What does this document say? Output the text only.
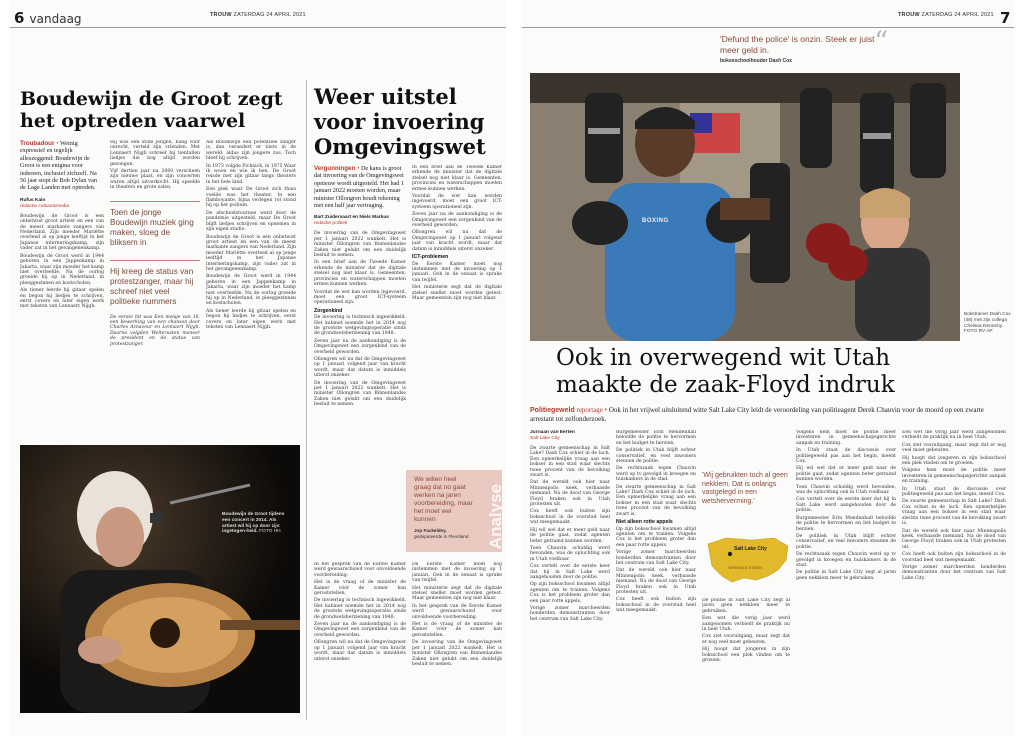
6 vandaag	TROUW ZATERDAG 24 APRIL 2021
Boudewijn de Groot zegt het optreden vaarwel
Troubadour • Weinig expressief en tegelijk alleszeggend: Boudewijn de Groot is een enigma voor iedereen, inclusief zichzelf. Na 56 jaar stopt de Bob Dylan van de Lage Landen met optreden.
Rufus Kain
redactie cultuur&media
Boudewijn de Groot is een onbetwist groot artiest en een van de meest markante zangers van Nederland. Zijn moeder Mariëtte overleed al op jonge leeftijd in het Japanse interneringskamp, zijn vader zat in het gevangenenkamp.
Boudewijn de Groot werd in 1944 geboren in een Jappenkamp in Jakarta, waar zijn moeder het kamp niet overleefde. Na de oorlog groeide hij op in Nederland, in pleeggezinnen en kostscholen.
Als tiener leerde hij gitaar spelen en begon hij liedjes te schrijven, eerst covers en later eigen werk met teksten van Lennaert Nijgh.
Hij was een stille jongen, bang voor onrecht, verteld zijn vrienden. Met Lennaert Nijgh schreef hij tientallen liedjes die nog altijd worden gezongen.
Vijf dertien jaar na 2000 verscheen zijn nieuwe plaat, en zijn concerten waren altijd uitverkocht. Hij speelde in theaters en grote zalen.
Toen de jonge Boudewijn muziek ging maken, sloeg de bliksem in
Hij kreeg de status van protestzanger, maar hij schreef niet veel politieke nummers
De eerste hit was Een meisje van 16, een bewerking van een chanson door Charles Aznavour en Lennaert Nijgh. Daarna volgden Welterusten meneer de president en de status van protestzanger.
Als Boudewijn een potentiële zanger is, dan verandert er niets in de wereld, aldus zijn jongere zus. Toch bleef hij schrijven.
In 1973 volgde Picknick, in 1975 Waar ik woon en wie ik ben. De Groot reisde met zijn gitaar langs theaters in het hele land.
Een plek waar De Groot zich thuis voelde was het theater. In een flamboyante, bijna verlegen rol stond hij op het podium.
De afscheidstournee werd door de pandemie uitgesteld, maar De Groot blijft liedjes schrijven en opnemen in zijn eigen studio.
Boudewijn de Groot is een onbetwist groot artiest en een van de meest markante zangers van Nederland. Zijn moeder Mariëtte overleed al op jonge leeftijd in het Japanse interneringskamp, zijn vader zat in het gevangenenkamp.
Boudewijn de Groot werd in 1944 geboren in een Jappenkamp in Jakarta, waar zijn moeder het kamp niet overleefde. Na de oorlog groeide hij op in Nederland, in pleeggezinnen en kostscholen.
Als tiener leerde hij gitaar spelen en begon hij liedjes te schrijven, eerst covers en later eigen werk met teksten van Lennaert Nijgh.
Boudewijn de Groot tijdens een concert in 2014. Als artiest wil hij op door zijn ingetogen-heid. FOTO HH
Weer uitstel voor invoering Omgevingswet
Vergunningen • De kans is groot dat invoering van de Omgevingswet opnieuw wordt uitgesteld. Het had 1 januari 2022 moeten worden, maar minister Ollongren houdt rekening met een half jaar vertraging.
Bart Zuidervaart en Niels Markus
redactie politiek
De invoering van de Omgevingswet per 1 januari 2022 wankelt. Het is minister Ollongren van Binnenlandse Zaken niet gelukt om een duidelijk besluit te nemen.
In een brief aan de Tweede Kamer erkende de minister dat de digitale stelsel nog niet klaar is. Gemeenten, provincies en waterschappen moeten ermee kunnen werken.
Voordat de wet kan worden ingevoerd, moet een groot ICT-systeem operationeel zijn.
Zorgenkind
De invoering is technisch ingewikkeld. Het kabinet noemde het in 2014 nog de grootste wetgevingsoperatie sinds de grondwetsherziening van 1848.
Zeven jaar na de aankondiging is de Omgevingswet een zorgenkind van de overheid geworden.
Ollongren wil nu dat de Omgevingswet op 1 januari volgend jaar van kracht wordt, maar dat datum is inmiddels uiterst onzeker.
De invoering van de Omgevingswet per 1 januari 2022 wankelt. Het is minister Ollongren van Binnenlandse Zaken niet gelukt om een duidelijk besluit te nemen.
In een brief aan de Tweede Kamer erkende de minister dat de digitale stelsel nog niet klaar is. Gemeenten, provincies en waterschappen moeten ermee kunnen werken.
Voordat de wet kan worden ingevoerd, moet een groot ICT-systeem operationeel zijn.
Zeven jaar na de aankondiging is de Omgevingswet een zorgenkind van de overheid geworden.
Ollongren wil nu dat de Omgevingswet op 1 januari volgend jaar van kracht wordt, maar dat datum is inmiddels uiterst onzeker.
ICT-problemen
De Eerste Kamer moet nog instemmen met de invoering op 1 januari. Ook in de senaat is sprake van twijfel.
Het ministerie zegt dat de digitale stelsel sneller moet worden getest. Maar gemeenten zijn nog niet klaar.
We willen heel graag dat no gaat werken na jaren voorbereiding, maar het moet wel kunnen
Jop Fackeldey,
gedeputeerde in Flevoland	Analyse
In het gesprek van de Eerste Kamer werd gewaarschuwd voor onvoldoende voorbereiding.
Het is de vraag of de minister de Kamer vóór de zomer kan geruststellen.
De invoering is technisch ingewikkeld. Het kabinet noemde het in 2014 nog de grootste wetgevingsoperatie sinds de grondwetsherziening van 1848.
Zeven jaar na de aankondiging is de Omgevingswet een zorgenkind van de overheid geworden.
Ollongren wil nu dat de Omgevingswet op 1 januari volgend jaar van kracht wordt, maar dat datum is inmiddels uiterst onzeker.
De Eerste Kamer moet nog instemmen met de invoering op 1 januari. Ook in de senaat is sprake van twijfel.
Het ministerie zegt dat de digitale stelsel sneller moet worden getest. Maar gemeenten zijn nog niet klaar.
In het gesprek van de Eerste Kamer werd gewaarschuwd voor onvoldoende voorbereiding.
Het is de vraag of de minister de Kamer vóór de zomer kan geruststellen.
De invoering van de Omgevingswet per 1 januari 2022 wankelt. Het is minister Ollongren van Binnenlandse Zaken niet gelukt om een duidelijk besluit te nemen.
TROUW ZATERDAG 24 APRIL 2021 7
'Defund the police' is onzin. Steek er juist meer geld in.
bokseschoolhouder Dash Cox
“
BOXING
Bokstrainer Dash Cox (48) met zijn collega Chelsea Dennehy. FOTO RV AP
Ook in overwegend wit Utah maakte de zaak-Floyd indruk
Politiegeweld reportage • Ook in het vrijwel uitsluitend witte Salt Lake City leidt de veroordeling van politieagent Derek Chauvin voor de moord op een zwarte arrestant tot zelfonderzoek.
Jurriaan van Eerten
Salt Lake City
De zwarte gemeenschap in Salt Lake? Dash Cox schiet in de lach. Een opmerkelijke vraag aan een bokser in een stad waar slechts twee procent van de bevolking zwart is.
Dat de wereld ook hier naar Minneapolis keek, verbaasde niemand. Na de dood van George Floyd braken ook in Utah protesten uit.
Cox heeft ook buiten zijn boksschool in de voorstad heel wat meegemaakt.
Hij wil wel dat er meer geld naar de politie gaat, zodat agenten beter getraind kunnen worden.
Toen Chauvin schuldig werd bevonden, was de opluchting ook in Utah voelbaar.
Cox vertelt over de eerste keer dat hij in Salt Lake werd aangehouden door de politie.
Op zijn boksschool kwamen altijd agenten om te trainen. Volgens Cox is het probleem groter dan een paar rotte appels.
Vorige zomer marcheerden honderden demonstranten door het centrum van Salt Lake City.
Burgemeester Erin Mendenhall beloofde de politie te hervormen en het budget te herzien.
De politiek in Utah blijft echter conservatief, en veel inwoners steunen de politie.
De rechtszaak tegen Chauvin werd op tv gevolgd in kroegen en huiskamers in de stad.
De zwarte gemeenschap in Salt Lake? Dash Cox schiet in de lach. Een opmerkelijke vraag aan een bokser in een stad waar slechts twee procent van de bevolking zwart is.
Niet alleen rotte appels
Op zijn boksschool kwamen altijd agenten om te trainen. Volgens Cox is het probleem groter dan een paar rotte appels.
Vorige zomer marcheerden honderden demonstranten door het centrum van Salt Lake City.
Dat de wereld ook hier naar Minneapolis keek, verbaasde niemand. Na de dood van George Floyd braken ook in Utah protesten uit.
Cox heeft ook buiten zijn boksschool in de voorstad heel wat meegemaakt.
'Wij gebruikten toch al geen nekklem. Dat is onlangs vastgelegd in een wetsherverming.'
Salt Lake City
VERENIGDE STATEN
De politie in Salt Lake City zegt al jaren geen nekklem meer te gebruiken.
Een wet die vorig jaar werd aangenomen verbiedt de praktijk nu in heel Utah.
Cox ziet vooruitgang, maar zegt dat er nog veel moet gebeuren.
Hij hoopt dat jongeren in zijn boksschool een plek vinden om te groeien.
Volgens hem moet de politie meer investeren in gemeenschapsgerichte aanpak en training.
In Utah staat de discussie over politiegeweld pas aan het begin, meent Cox.
Hij wil wel dat er meer geld naar de politie gaat, zodat agenten beter getraind kunnen worden.
Toen Chauvin schuldig werd bevonden, was de opluchting ook in Utah voelbaar.
Cox vertelt over de eerste keer dat hij in Salt Lake werd aangehouden door de politie.
Burgemeester Erin Mendenhall beloofde de politie te hervormen en het budget te herzien.
De politiek in Utah blijft echter conservatief, en veel inwoners steunen de politie.
De rechtszaak tegen Chauvin werd op tv gevolgd in kroegen en huiskamers in de stad.
De politie in Salt Lake City zegt al jaren geen nekklem meer te gebruiken.
Een wet die vorig jaar werd aangenomen verbiedt de praktijk nu in heel Utah.
Cox ziet vooruitgang, maar zegt dat er nog veel moet gebeuren.
Hij hoopt dat jongeren in zijn boksschool een plek vinden om te groeien.
Volgens hem moet de politie meer investeren in gemeenschapsgerichte aanpak en training.
In Utah staat de discussie over politiegeweld pas aan het begin, meent Cox.
De zwarte gemeenschap in Salt Lake? Dash Cox schiet in de lach. Een opmerkelijke vraag aan een bokser in een stad waar slechts twee procent van de bevolking zwart is.
Dat de wereld ook hier naar Minneapolis keek, verbaasde niemand. Na de dood van George Floyd braken ook in Utah protesten uit.
Cox heeft ook buiten zijn boksschool in de voorstad heel wat meegemaakt.
Vorige zomer marcheerden honderden demonstranten door het centrum van Salt Lake City.
